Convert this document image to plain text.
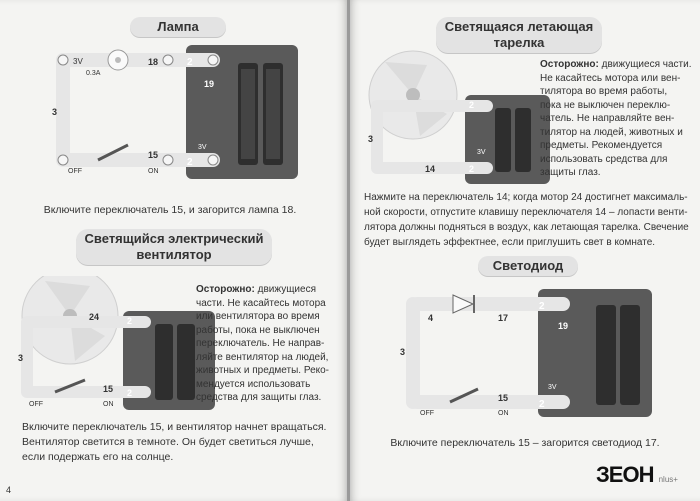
Лампа
3V
0.3A
18	2
3
19
3V
OFF
15
ON
2
Включите переключатель 15, и загорится лампа 18.
Светящийся электрический
вентилятор
24
3
2
2
OFF
15
ON
Осторожно: движущиеся
части. Не касайтесь мотора
или вентилятора во время
работы, пока не выключен
переключатель. Не направ-
ляйте вентилятор на людей,
животных и предметы. Реко-
мендуется использовать
средства для защиты глаз.
Включите переключатель 15, и вентилятор начнет вращаться.
Вентилятор светится в темноте. Он будет светиться лучше,
если подержать его на солнце.
4
Светящаяся летающая
тарелка
3
2
2
14
3V
Осторожно: движущиеся части.
Не касайтесь мотора или вен-
тилятора во время работы,
пока не выключен переклю-
чатель. Не направляйте вен-
тилятор на людей, животных и
предметы. Рекомендуется
использовать средства для
защиты глаз.
Нажмите на переключатель 14; когда мотор 24 достигнет максималь-
ной скорости, отпустите клавишу переключателя 14 – лопасти венти-
лятора должны подняться в воздух, как летающая тарелка. Свечение
будет выглядеть эффектнее, если приглушить свет в комнате.
Светодиод
4	17
2
3
19
3V
OFF
15
ON
2
Включите переключатель 15 – загорится светодиод 17.
ЗЕОН nlus+
